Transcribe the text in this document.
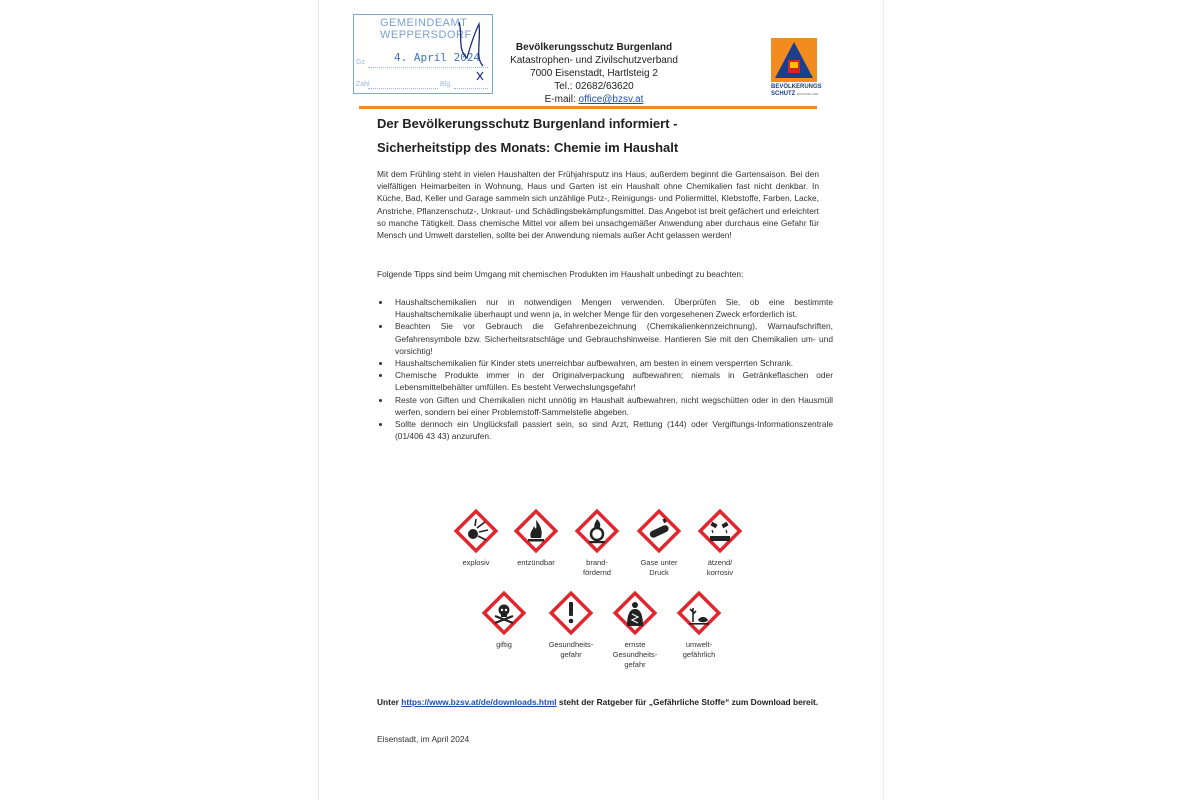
GEMEINDEAMT
WEPPERSDORF
4. April 2024
Gz
Zahl	Blg.
Bevölkerungsschutz Burgenland
Katastrophen- und Zivilschutzverband
7000 Eisenstadt, Hartlsteig 2
Tel.: 02682/63620
E-mail: office@bzsv.at
BEVÖLKERUNGS
SCHUTZ BURGENLAND
Der Bevölkerungsschutz Burgenland informiert -
Sicherheitstipp des Monats: Chemie im Haushalt
Mit dem Frühling steht in vielen Haushalten der Frühjahrsputz ins Haus, außerdem beginnt die Gartensaison. Bei den vielfältigen Heimarbeiten in Wohnung, Haus und Garten ist ein Haushalt ohne Chemikalien fast nicht denkbar. In Küche, Bad, Keller und Garage sammeln sich unzählige Putz-, Reinigungs- und Poliermittel, Klebstoffe, Farben, Lacke, Anstriche, Pflanzenschutz-, Unkraut- und Schädlingsbekämpfungsmittel. Das Angebot ist breit gefächert und erleichtert so manche Tätigkeit. Dass chemische Mittel vor allem bei unsachgemäßer Anwendung aber durchaus eine Gefahr für Mensch und Umwelt darstellen, sollte bei der Anwendung niemals außer Acht gelassen werden!
Folgende Tipps sind beim Umgang mit chemischen Produkten im Haushalt unbedingt zu beachten:
• Haushaltschemikalien nur in notwendigen Mengen verwenden. Überprüfen Sie, ob eine bestimmte Haushaltschemikalie überhaupt und wenn ja, in welcher Menge für den vorgesehenen Zweck erforderlich ist.
• Beachten Sie vor Gebrauch die Gefahrenbezeichnung (Chemikalienkennzeichnung), Warnaufschriften, Gefahrensymbole bzw. Sicherheitsratschläge und Gebrauchshinweise. Hantieren Sie mit den Chemikalien um- und vorsichtig!
• Haushaltschemikalien für Kinder stets unerreichbar aufbewahren, am besten in einem versperrten Schrank.
• Chemische Produkte immer in der Originalverpackung aufbewahren; niemals in Getränkeflaschen oder Lebensmittelbehälter umfüllen. Es besteht Verwechslungsgefahr!
• Reste von Giften und Chemikalien nicht unnötig im Haushalt aufbewahren, nicht wegschütten oder in den Hausmüll werfen, sondern bei einer Problemstoff-Sammelstelle abgeben.
• Sollte dennoch ein Unglücksfall passiert sein, so sind Arzt, Rettung (144) oder Vergiftungs-Informationszentrale (01/406 43 43) anzurufen.
explosiv	entzündbar	brand-
fördernd
Gase unter
Druck
ätzend/
korrosiv
giftig	Gesundheits-
gefahr
ernste
Gesundheits-
gefahr
umwelt-
gefährlich
Unter https://www.bzsv.at/de/downloads.html steht der Ratgeber für „Gefährliche Stoffe“ zum Download bereit.
Eisenstadt, im April 2024
